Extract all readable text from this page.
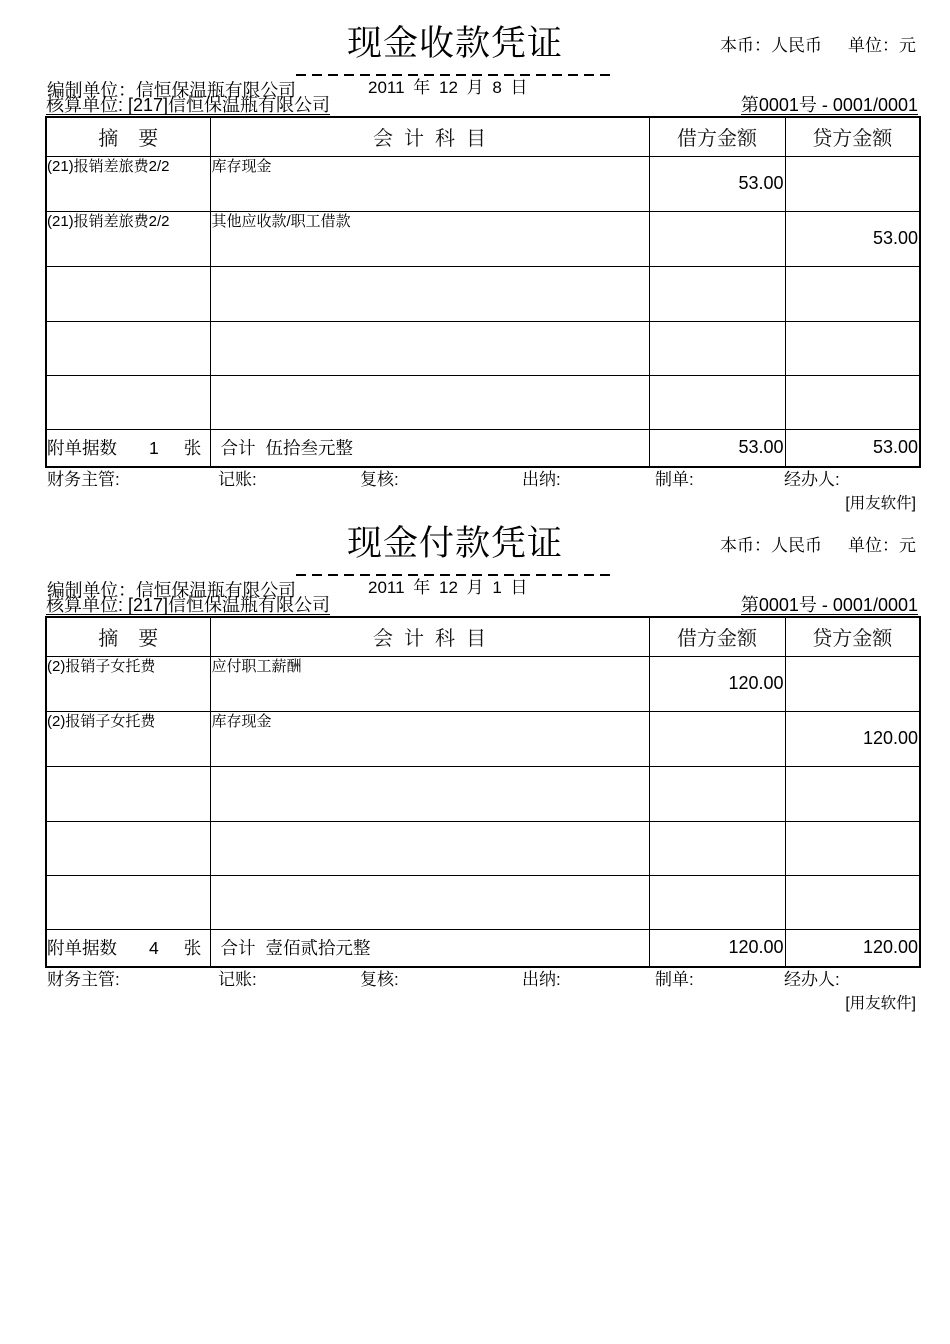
现金收款凭证	本币：人民币 单位：元
编制单位：信恒保温瓶有限公司	2011 年 12 月 8 日
核算单位: [217]信恒保温瓶有限公司	第0001号 - 0001/0001
摘　要	会 计 科 目	借方金额	贷方金额
(21)报销差旅费2/2	库存现金	53.00	
(21)报销差旅费2/2	其他应收款/职工借款		53.00

附单据数 1 张	合计 伍拾叁元整	53.00	53.00
财务主管:	记账:	复核:	出纳:	制单:	经办人:
[用友软件]
现金付款凭证	本币：人民币 单位：元
编制单位：信恒保温瓶有限公司	2011 年 12 月 1 日
核算单位: [217]信恒保温瓶有限公司	第0001号 - 0001/0001
摘　要	会 计 科 目	借方金额	贷方金额
(2)报销子女托费	应付职工薪酬	120.00	
(2)报销子女托费	库存现金		120.00

附单据数 4 张	合计 壹佰贰拾元整	120.00	120.00
财务主管:	记账:	复核:	出纳:	制单:	经办人:
[用友软件]
